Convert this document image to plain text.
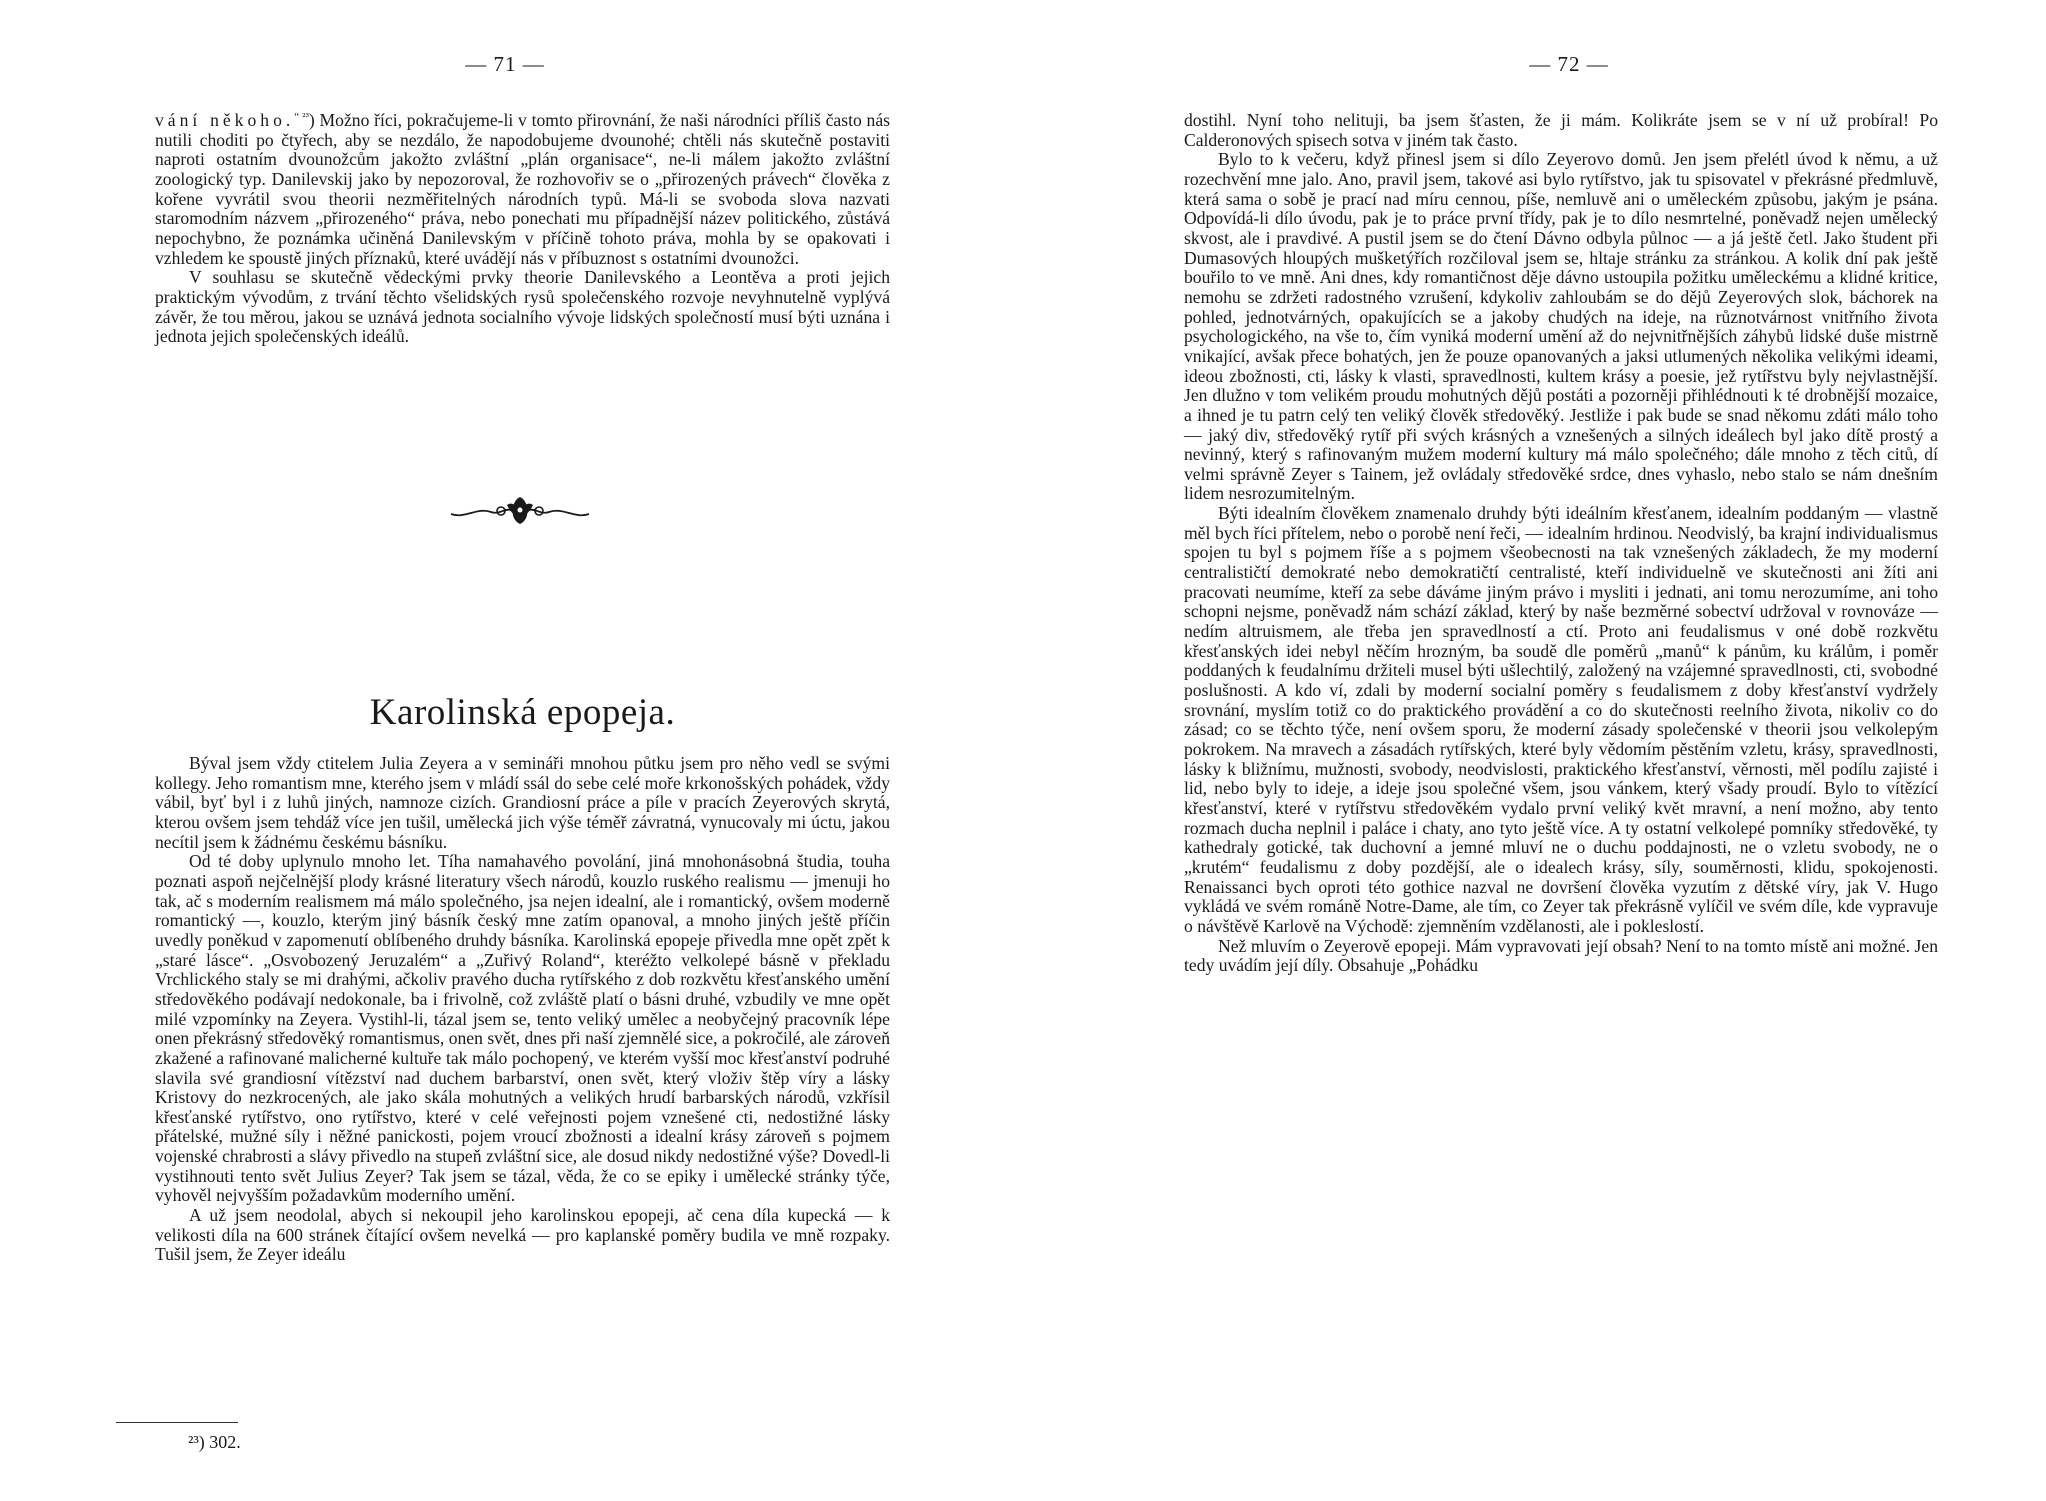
— 71 —

vání někoho.$^{“ ^{23}}$) Možno říci, pokračujeme-li v tomto přirovnání, že naši národníci příliš často nás nutili choditi po čtyřech, aby se nezdálo, že napodobujeme dvounohé; chtěli nás skutečně postaviti naproti ostatním dvounožcům jakožto zvláštní „plán organisace“, ne-li málem jakožto zvláštní zoologický typ. Danilevskij jako by nepozoroval, že rozhovořiv se o „přirozených právech“ člověka z kořene vyvrátil svou theorii nezměřitelných národních typů. Má-li se svoboda slova nazvati staromodním názvem „přirozeného“ práva, nebo ponechati mu případnější název politického, zůstává nepochybno, že poznámka učiněná Danilevským v příčině tohoto práva, mohla by se opakovati i vzhledem ke spoustě jiných příznaků, které uvádějí nás v příbuznost s ostatními dvounožci.

V souhlasu se skutečně vědeckými prvky theorie Danilevského a Leontěva a proti jejich praktickým vývodům, z trvání těchto všelidských rysů společenského rozvoje nevyhnutelně vyplývá závěr, že tou měrou, jakou se uznává jednota socialního vývoje lidských společností musí býti uznána i jednota jejich společenských ideálů.

Karolinská epopeja.

Býval jsem vždy ctitelem Julia Zeyera a v semináři mnohou půtku jsem pro něho vedl se svými kollegy. Jeho romantism mne, kterého jsem v mládí ssál do sebe celé moře krkonošských pohádek, vždy vábil, byť byl i z luhů jiných, namnoze cizích. Grandiosní práce a píle v pracích Zeyerových skrytá, kterou ovšem jsem tehdáž více jen tušil, umělecká jich výše téměř závratná, vynucovaly mi úctu, jakou necítil jsem k žádnému českému básníku.

Od té doby uplynulo mnoho let. Tíha namahavého povolání, jiná mnohonásobná študia, touha poznati aspoň nejčelnější plody krásné literatury všech národů, kouzlo ruského realismu — jmenuji ho tak, ač s moderním realismem má málo společného, jsa nejen idealní, ale i romantický, ovšem moderně romantický —, kouzlo, kterým jiný básník český mne zatím opanoval, a mnoho jiných ještě příčin uvedly poněkud v zapomenutí oblíbeného druhdy básníka. Karolinská epopeje přivedla mne opět zpět k „staré lásce“. „Osvobozený Jeruzalém“ a „Zuřivý Roland“, kteréžto velkolepé básně v překladu Vrchlického staly se mi drahými, ačkoliv pravého ducha rytířského z dob rozkvětu křesťanského umění středověkého podávají nedokonale, ba i frivolně, což zvláště platí o básni druhé, vzbudily ve mne opět milé vzpomínky na Zeyera. Vystihl-li, tázal jsem se, tento veliký umělec a neobyčejný pracovník lépe onen překrásný středověký romantismus, onen svět, dnes při naší zjemnělé sice, a pokročilé, ale zároveň zkažené a rafinované malicherné kultuře tak málo pochopený, ve kterém vyšší moc křesťanství podruhé slavila své grandiosní vítězství nad duchem barbarství, onen svět, který vloživ štěp víry a lásky Kristovy do nezkrocených, ale jako skála mohutných a velikých hrudí barbarských národů, vzkřísil křesťanské rytířstvo, ono rytířstvo, které v celé veřejnosti pojem vznešené cti, nedostižné lásky přátelské, mužné síly i něžné panickosti, pojem vroucí zbožnosti a idealní krásy zároveň s pojmem vojenské chrabrosti a slávy přivedlo na stupeň zvláštní sice, ale dosud nikdy nedostižné výše? Dovedl-li vystihnouti tento svět Julius Zeyer? Tak jsem se tázal, věda, že co se epiky i umělecké stránky týče, vyhověl nejvyšším požadavkům moderního umění.

A už jsem neodolal, abych si nekoupil jeho karolinskou epopeji, ač cena díla kupecká — k velikosti díla na 600 stránek čítající ovšem nevelká — pro kaplanské poměry budila ve mně rozpaky. Tušil jsem, že Zeyer ideálu

²³) 302.
— 72 —

dostihl. Nyní toho nelituji, ba jsem šťasten, že ji mám. Kolikráte jsem se v ní už probíral! Po Calderonových spisech sotva v jiném tak často.

Bylo to k večeru, když přinesl jsem si dílo Zeyerovo domů. Jen jsem přelétl úvod k němu, a už rozechvění mne jalo. Ano, pravil jsem, takové asi bylo rytířstvo, jak tu spisovatel v překrásné předmluvě, která sama o sobě je prací nad míru cennou, píše, nemluvě ani o uměleckém způsobu, jakým je psána. Odpovídá-li dílo úvodu, pak je to práce první třídy, pak je to dílo nesmrtelné, poněvadž nejen umělecký skvost, ale i pravdivé. A pustil jsem se do čtení Dávno odbyla půlnoc — a já ještě četl. Jako študent při Dumasových hloupých mušketýřích rozčiloval jsem se, hltaje stránku za stránkou. A kolik dní pak ještě bouřilo to ve mně. Ani dnes, kdy romantičnost děje dávno ustoupila požitku uměleckému a klidné kritice, nemohu se zdržeti radostného vzrušení, kdykoliv zahloubám se do dějů Zeyerových slok, báchorek na pohled, jednotvárných, opakujících se a jakoby chudých na ideje, na různotvárnost vnitřního života psychologického, na vše to, čím vyniká moderní umění až do nejvnitřnějších záhybů lidské duše mistrně vnikající, avšak přece bohatých, jen že pouze opanovaných a jaksi utlumených několika velikými ideami, ideou zbožnosti, cti, lásky k vlasti, spravedlnosti, kultem krásy a poesie, jež rytířstvu byly nejvlastnější. Jen dlužno v tom velikém proudu mohutných dějů postáti a pozorněji přihlédnouti k té drobnější mozaice, a ihned je tu patrn celý ten veliký člověk středověký. Jestliže i pak bude se snad někomu zdáti málo toho — jaký div, středověký rytíř při svých krásných a vznešených a silných ideálech byl jako dítě prostý a nevinný, který s rafinovaným mužem moderní kultury má málo společného; dále mnoho z těch citů, dí velmi správně Zeyer s Tainem, jež ovládaly středověké srdce, dnes vyhaslo, nebo stalo se nám dnešním lidem nesrozumitelným.

Býti idealním člověkem znamenalo druhdy býti ideálním křesťanem, idealním poddaným — vlastně měl bych říci přítelem, nebo o porobě není řeči, — idealním hrdinou. Neodvislý, ba krajní individualismus spojen tu byl s pojmem říše a s pojmem všeobecnosti na tak vznešených základech, že my moderní centralističtí demokraté nebo demokratičtí centralisté, kteří individuelně ve skutečnosti ani žíti ani pracovati neumíme, kteří za sebe dáváme jiným právo i mysliti i jednati, ani tomu nerozumíme, ani toho schopni nejsme, poněvadž nám schází základ, který by naše bezměrné sobectví udržoval v rovnováze — nedím altruismem, ale třeba jen spravedlností a ctí. Proto ani feudalismus v oné době rozkvětu křesťanských idei nebyl něčím hrozným, ba soudě dle poměrů „manů“ k pánům, ku králům, i poměr poddaných k feudalnímu držiteli musel býti ušlechtilý, založený na vzájemné spravedlnosti, cti, svobodné poslušnosti. A kdo ví, zdali by moderní socialní poměry s feudalismem z doby křesťanství vydržely srovnání, myslím totiž co do praktického provádění a co do skutečnosti reelního života, nikoliv co do zásad; co se těchto týče, není ovšem sporu, že moderní zásady společenské v theorii jsou velkolepým pokrokem. Na mravech a zásadách rytířských, které byly vědomím pěstěním vzletu, krásy, spravedlnosti, lásky k bližnímu, mužnosti, svobody, neodvislosti, praktického křesťanství, věrnosti, měl podílu zajisté i lid, nebo byly to ideje, a ideje jsou společné všem, jsou vánkem, který všady proudí. Bylo to vítězící křesťanství, které v rytířstvu středověkém vydalo první veliký květ mravní, a není možno, aby tento rozmach ducha neplnil i paláce i chaty, ano tyto ještě více. A ty ostatní velkolepé pomníky středověké, ty kathedraly gotické, tak duchovní a jemné mluví ne o duchu poddajnosti, ne o vzletu svobody, ne o „krutém“ feudalismu z doby pozdější, ale o idealech krásy, síly, souměrnosti, klidu, spokojenosti. Renaissanci bych oproti této gothice nazval ne dovršení člověka vyzutím z dětské víry, jak V. Hugo vykládá ve svém románě Notre-Dame, ale tím, co Zeyer tak překrásně vylíčil ve svém díle, kde vypravuje o návštěvě Karlově na Východě: zjemněním vzdělanosti, ale i pokleslostí.

Než mluvím o Zeyerově epopeji. Mám vypravovati její obsah? Není to na tomto místě ani možné. Jen tedy uvádím její díly. Obsahuje „Pohádku
